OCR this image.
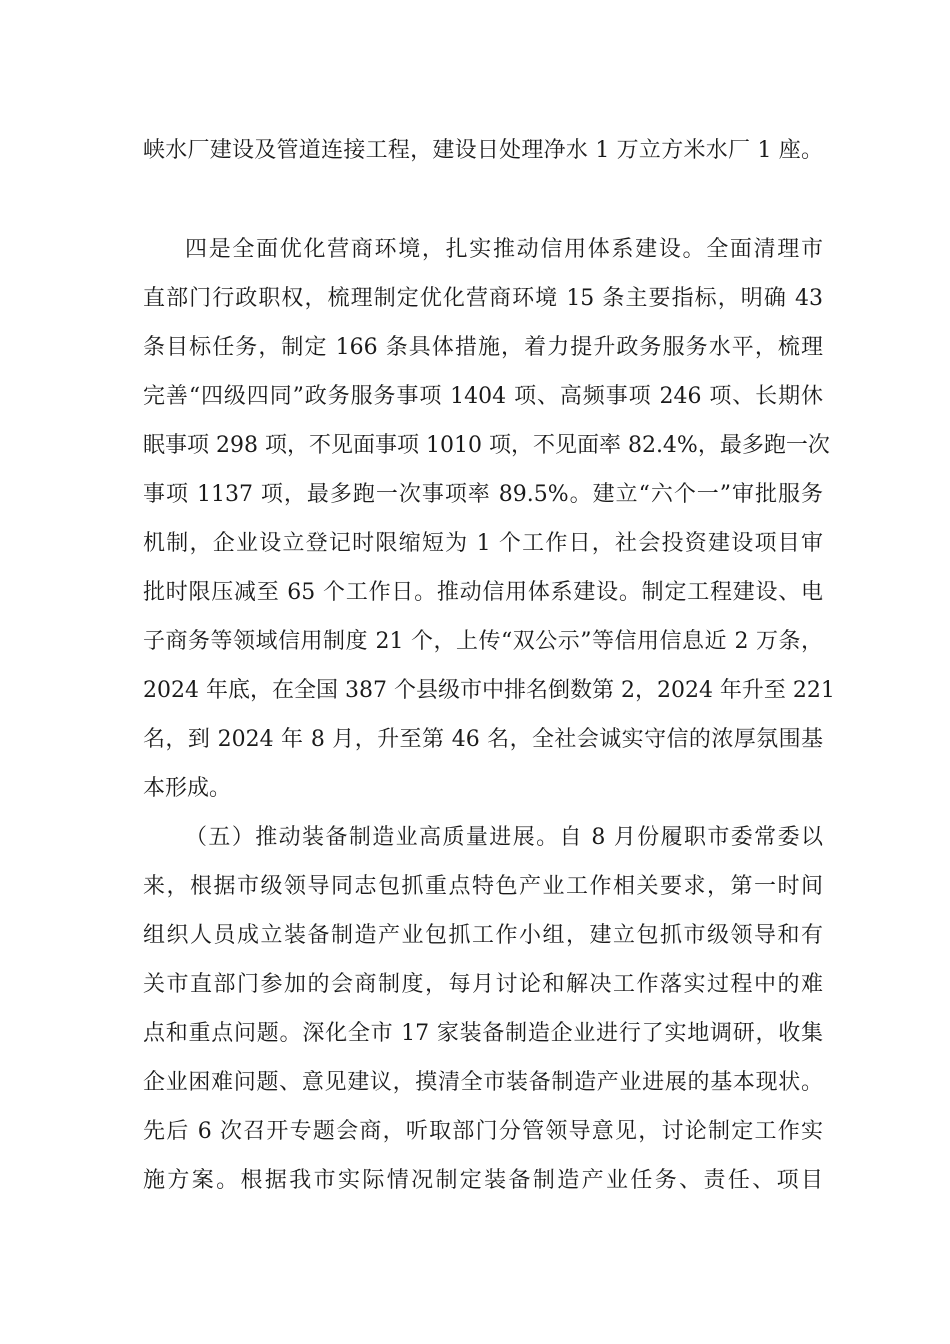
峡水厂建设及管道连接工程，建设日处理净水 1 万立方米水厂 1 座。
四是全面优化营商环境，扎实推动信用体系建设。全面清理市
直部门行政职权，梳理制定优化营商环境 15 条主要指标，明确 43
条目标任务，制定 166 条具体措施，着力提升政务服务水平，梳理
完善“四级四同”政务服务事项 1404 项、高频事项 246 项、长期休
眠事项 298 项，不见面事项 1010 项，不见面率 82.4%，最多跑一次
事项 1137 项，最多跑一次事项率 89.5%。建立“六个一”审批服务
机制，企业设立登记时限缩短为 1 个工作日，社会投资建设项目审
批时限压减至 65 个工作日。推动信用体系建设。制定工程建设、电
子商务等领域信用制度 21 个，上传“双公示”等信用信息近 2 万条，
2024 年底，在全国 387 个县级市中排名倒数第 2，2024 年升至 221
名，到 2024 年 8 月，升至第 46 名，全社会诚实守信的浓厚氛围基
本形成。
（五）推动装备制造业高质量进展。自 8 月份履职市委常委以
来，根据市级领导同志包抓重点特色产业工作相关要求，第一时间
组织人员成立装备制造产业包抓工作小组，建立包抓市级领导和有
关市直部门参加的会商制度，每月讨论和解决工作落实过程中的难
点和重点问题。深化全市 17 家装备制造企业进行了实地调研，收集
企业困难问题、意见建议，摸清全市装备制造产业进展的基本现状。
先后 6 次召开专题会商，听取部门分管领导意见，讨论制定工作实
施方案。根据我市实际情况制定装备制造产业任务、责任、项目
